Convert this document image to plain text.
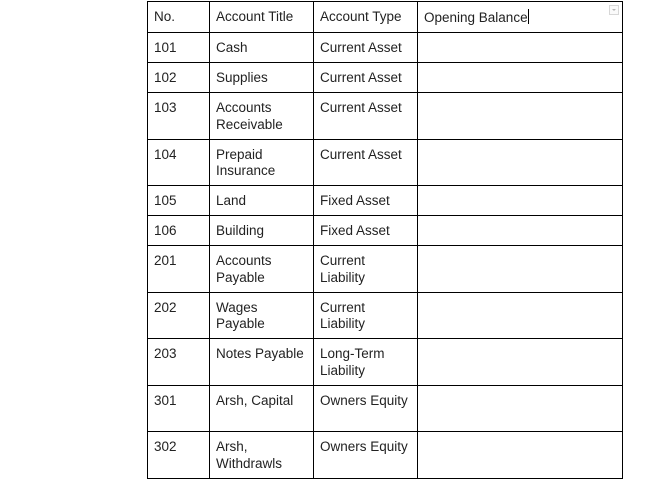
No.	Account Title	Account Type	Opening Balance

101	Cash	Current Asset	
102	Supplies	Current Asset	
103	Accounts Receivable	Current Asset	
104	Prepaid Insurance	Current Asset	
105	Land	Fixed Asset	
106	Building	Fixed Asset	
201	Accounts Payable	Current Liability	
202	Wages Payable	Current Liability	
203	Notes Payable	Long-Term Liability	
301	Arsh, Capital	Owners Equity	
302	Arsh, Withdrawls	Owners Equity	
